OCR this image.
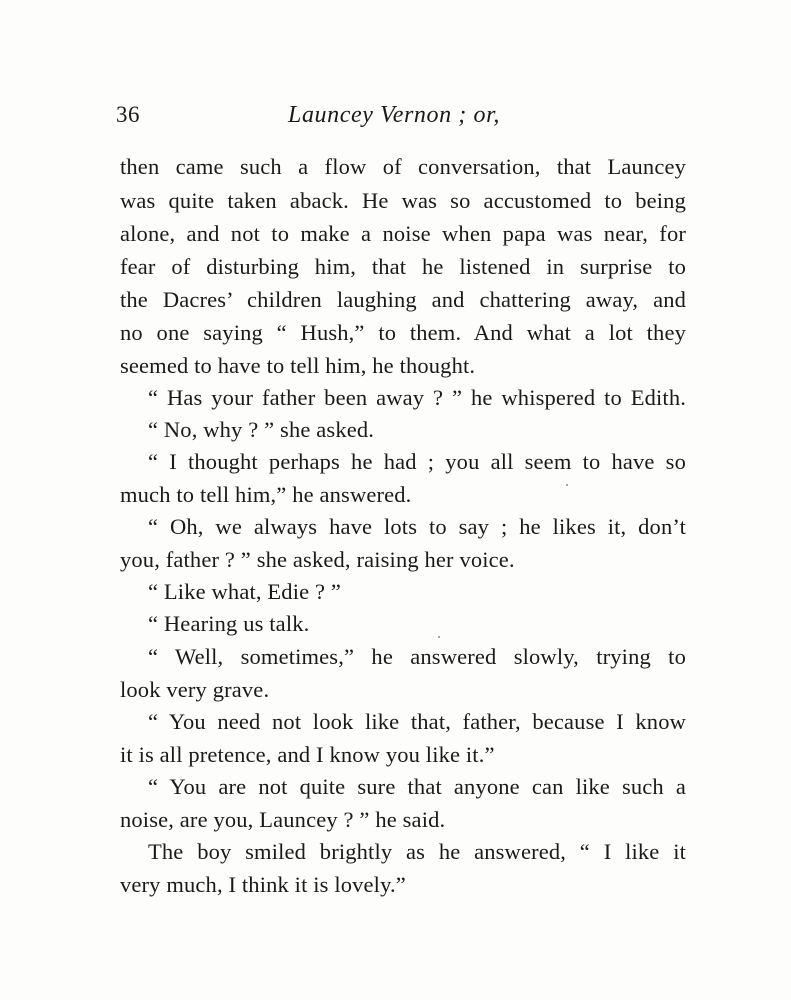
36	Launcey Vernon ; or,
then came such a flow of conversation, that Launcey
was quite taken aback. He was so accustomed to being
alone, and not to make a noise when papa was near, for
fear of disturbing him, that he listened in surprise to
the Dacres’ children laughing and chattering away, and
no one saying “ Hush,” to them. And what a lot they
seemed to have to tell him, he thought.
“ Has your father been away ? ” he whispered to Edith.
“ No, why ? ” she asked.
“ I thought perhaps he had ; you all seem to have so
much to tell him,” he answered.
“ Oh, we always have lots to say ; he likes it, don’t
you, father ? ” she asked, raising her voice.
“ Like what, Edie ? ”
“ Hearing us talk.
“ Well, sometimes,” he answered slowly, trying to
look very grave.
“ You need not look like that, father, because I know
it is all pretence, and I know you like it.”
“ You are not quite sure that anyone can like such a
noise, are you, Launcey ? ” he said.
The boy smiled brightly as he answered, “ I like it
very much, I think it is lovely.”
